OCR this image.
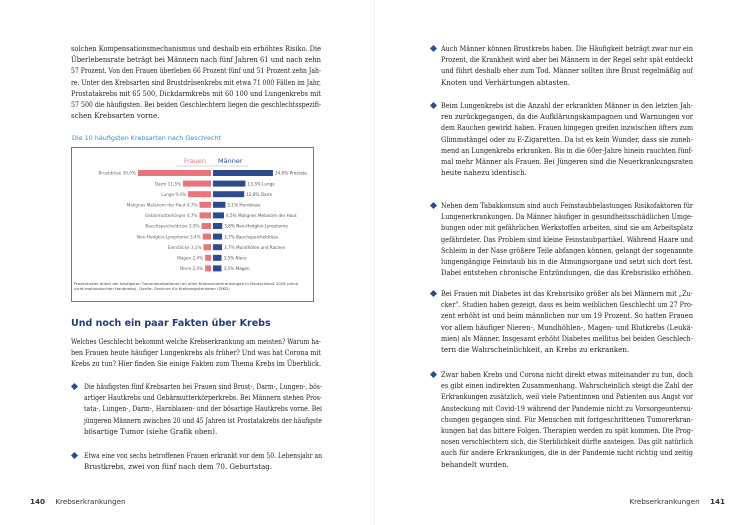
solchen Kompensationsmechanismus und deshalb ein erhöhtes Risiko. Die
Überlebensrate beträgt bei Männern nach fünf Jahren 61 und nach zehn
57 Prozent. Von den Frauen überleben 66 Prozent fünf und 51 Prozent zehn Jah-
re. Unter den Krebsarten sind Brustdrüsenkrebs mit etwa 71 000 Fällen im Jahr,
Prostatakrebs mit 65 500, Dickdarmkrebs mit 60 100 und Lungenkrebs mit
57 500 die häufigsten. Bei beiden Geschlechtern liegen die geschlechtsspezifi-
schen Krebsarten vorne.
Die 10 häufigsten Krebsarten nach Geschlecht
Frauen Männer
Brustdrüse 30,0%
Darm 11,5%
Lunge 9,4%
Malignes Melanom der Haut 4,7%
Gebärmutterkörper 4,7%
Bauchspeicheldrüse 3,9%
Non-Hodgkin-Lymphome 3,4%
Eierstöcke 3,1%
Magen 2,4%
Niere 2,4%
24,6% Prostata
13,3% Lunge
12,8% Darm
5,1% Harnblase
4,5% Malignes Melanom der Haut
3,8% Non-Hodgkin-Lymphome
3,7% Bauchspeicheldrüse
3,7% Mundhöhle und Rachen
3,5% Niere
3,5% Magen
Prozentualer Anteil der häufigsten Tumorlokalisationen an allen Krebsneuerkrankungen in Deutschland 2018 (ohne nicht-melanotischen Hautkrebs), Quelle: Zentrum für Krebsregisterdaten (ZfKD)
Und noch ein paar Fakten über Krebs
Welches Geschlecht bekommt welche Krebserkrankung am meisten? Warum ha-
ben Frauen heute häufiger Lungenkrebs als früher? Und was hat Corona mit
Krebs zu tun? Hier finden Sie einige Fakten zum Thema Krebs im Überblick.
Die häufigsten fünf Krebsarten bei Frauen sind Brust-, Darm-, Lungen-, bös-
artiger Hautkrebs und Gebärmutterkörperkrebs. Bei Männern stehen Pros-
tata-, Lungen-, Darm-, Harnblasen- und der bösartige Hautkrebs vorne. Bei
jüngeren Männern zwischen 20 und 45 Jahren ist Prostatakrebs der häufigste
bösartige Tumor (siehe Grafik oben).
Etwa eine von sechs betroffenen Frauen erkrankt vor dem 50. Lebensjahr an
Brustkrebs, zwei von fünf nach dem 70. Geburtstag.
140 Krebserkrankungen
Auch Männer können Brustkrebs haben. Die Häufigkeit beträgt zwar nur ein
Prozent, die Krankheit wird aber bei Männern in der Regel sehr spät entdeckt
und führt deshalb eher zum Tod. Männer sollten ihre Brust regelmäßig auf
Knoten und Verhärtungen abtasten.
Beim Lungenkrebs ist die Anzahl der erkrankten Männer in den letzten Jah-
ren zurückgegangen, da die Aufklärungskampagnen und Warnungen vor
dem Rauchen gewirkt haben. Frauen hingegen greifen inzwischen öfters zum
Glimmstängel oder zu E-Zigaretten. Da ist es kein Wunder, dass sie zuneh-
mend an Lungenkrebs erkranken. Bis in die 60er-Jahre hinein rauchten fünf-
mal mehr Männer als Frauen. Bei Jüngeren sind die Neuerkrankungsraten
heute nahezu identisch.
Neben dem Tabakkonsum sind auch Feinstaubbelastungen Risikofaktoren für
Lungenerkrankungen. Da Männer häufiger in gesundheitsschädlichen Umge-
bungen oder mit gefährlichen Werkstoffen arbeiten, sind sie am Arbeitsplatz
gefährdeter. Das Problem sind kleine Feinstaubpartikel. Während Haare und
Schleim in der Nase größere Teile abfangen können, gelangt der sogenannte
lungengängige Feinstaub bis in die Atmungsorgane und setzt sich dort fest.
Dabei entstehen chronische Entzündungen, die das Krebsrisiko erhöhen.
Bei Frauen mit Diabetes ist das Krebsrisiko größer als bei Männern mit „Zu-
cker". Studien haben gezeigt, dass es beim weiblichen Geschlecht um 27 Pro-
zent erhöht ist und beim männlichen nur um 19 Prozent. So hatten Frauen
vor allem häufiger Nieren-, Mundhöhlen-, Magen- und Blutkrebs (Leukä-
mien) als Männer. Insgesamt erhöht Diabetes mellitus bei beiden Geschlech-
tern die Wahrscheinlichkeit, an Krebs zu erkranken.
Zwar haben Krebs und Corona nicht direkt etwas miteinander zu tun, doch
es gibt einen indirekten Zusammenhang. Wahrscheinlich steigt die Zahl der
Erkrankungen zusätzlich, weil viele Patientinnen und Patienten aus Angst vor
Ansteckung mit Covid-19 während der Pandemie nicht zu Vorsorgeuntersu-
chungen gegangen sind. Für Menschen mit fortgeschrittenen Tumorerkran-
kungen hat das bittere Folgen. Therapien werden zu spät kommen. Die Prog-
nosen verschlechtern sich, die Sterblichkeit dürfte ansteigen. Das gilt natürlich
auch für andere Erkrankungen, die in der Pandemie nicht richtig und zeitig
behandelt wurden.
Krebserkrankungen 141
